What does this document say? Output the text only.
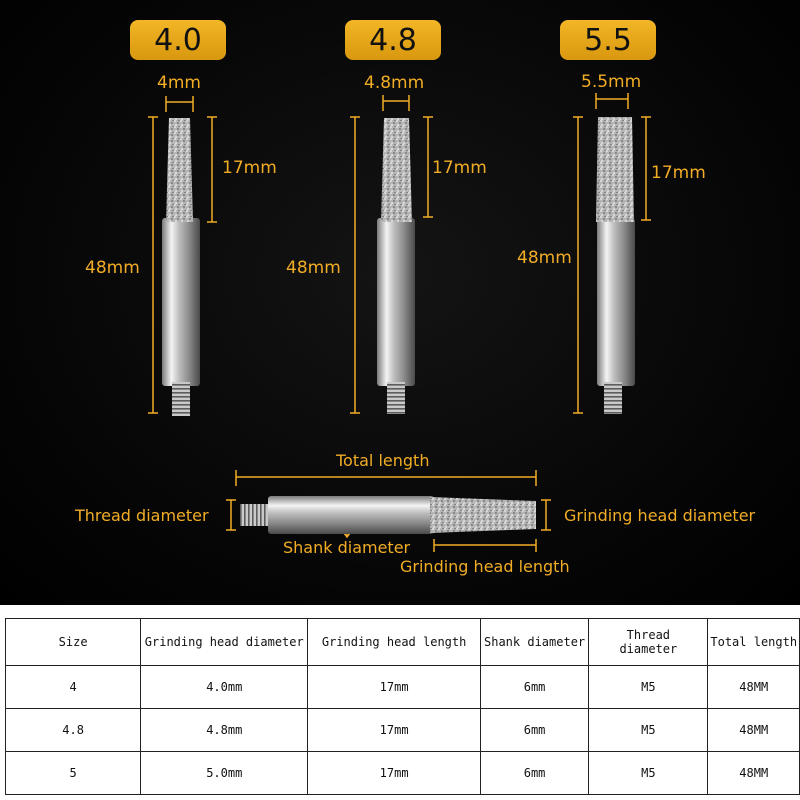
4.0	4.8	5.5
4mm
17mm
48mm
4.8mm
17mm
48mm
5.5mm
17mm
48mm
Total length
Thread diameter	Grinding head diameter
Shank diameter
Grinding head length
Size	Grinding head diameter	Grinding head length	Shank diameter	Thread diameter	Total length
4	4.0mm	17mm	6mm	M5	48MM
4.8	4.8mm	17mm	6mm	M5	48MM
5	5.0mm	17mm	6mm	M5	48MM
